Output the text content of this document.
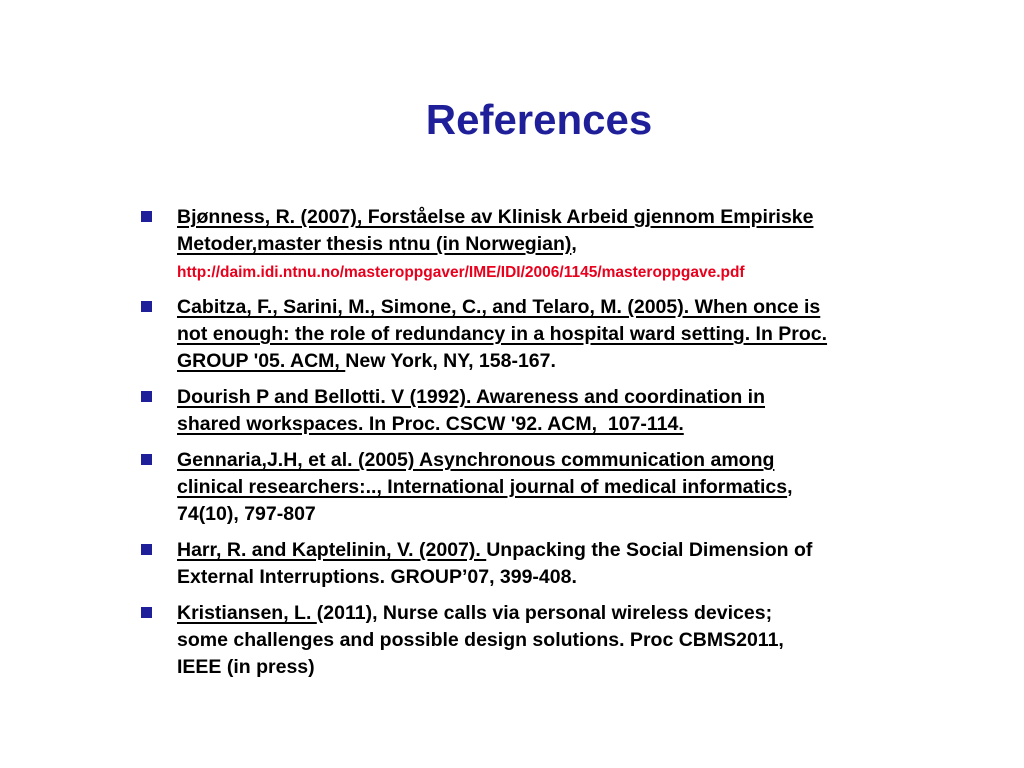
References
Bjønness, R. (2007), Forståelse av Klinisk Arbeid gjennom Empiriske
Metoder,master thesis ntnu (in Norwegian),
http://daim.idi.ntnu.no/masteroppgaver/IME/IDI/2006/1145/masteroppgave.pdf
Cabitza, F., Sarini, M., Simone, C., and Telaro, M. (2005). When once is
not enough: the role of redundancy in a hospital ward setting. In Proc.
GROUP '05. ACM, New York, NY, 158-167.
Dourish P and Bellotti. V (1992). Awareness and coordination in
shared workspaces. In Proc. CSCW '92. ACM,  107-114.
Gennaria,J.H, et al. (2005) Asynchronous communication among
clinical researchers:.., International journal of medical informatics,
74(10), 797-807
Harr, R. and Kaptelinin, V. (2007). Unpacking the Social Dimension of
External Interruptions. GROUP’07, 399-408.
Kristiansen, L. (2011), Nurse calls via personal wireless devices;
some challenges and possible design solutions. Proc CBMS2011,
IEEE (in press)
